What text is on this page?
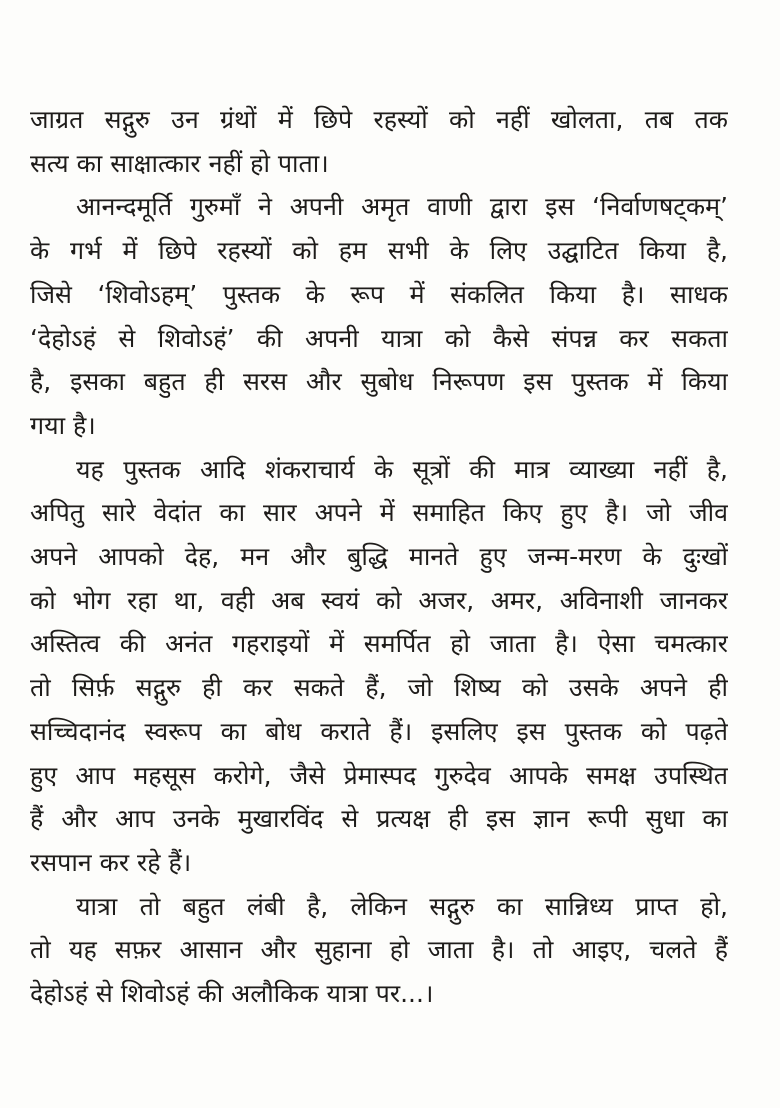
जाग्रत सद्गुरु उन ग्रंथों में छिपे रहस्यों को नहीं खोलता, तब तक
सत्य का साक्षात्कार नहीं हो पाता।
आनन्दमूर्ति गुरुमाँ ने अपनी अमृत वाणी द्वारा इस ‘निर्वाणषट्कम्’
के गर्भ में छिपे रहस्यों को हम सभी के लिए उद्घाटित किया है,
जिसे ‘शिवोऽहम्’ पुस्तक के रूप में संकलित किया है। साधक
‘देहोऽहं से शिवोऽहं’ की अपनी यात्रा को कैसे संपन्न कर सकता
है, इसका बहुत ही सरस और सुबोध निरूपण इस पुस्तक में किया
गया है।
यह पुस्तक आदि शंकराचार्य के सूत्रों की मात्र व्याख्या नहीं है,
अपितु सारे वेदांत का सार अपने में समाहित किए हुए है। जो जीव
अपने आपको देह, मन और बुद्धि मानते हुए जन्म-मरण के दुःखों
को भोग रहा था, वही अब स्वयं को अजर, अमर, अविनाशी जानकर
अस्तित्व की अनंत गहराइयों में समर्पित हो जाता है। ऐसा चमत्कार
तो सिर्फ़ सद्गुरु ही कर सकते हैं, जो शिष्य को उसके अपने ही
सच्चिदानंद स्वरूप का बोध कराते हैं। इसलिए इस पुस्तक को पढ़ते
हुए आप महसूस करोगे, जैसे प्रेमास्पद गुरुदेव आपके समक्ष उपस्थित
हैं और आप उनके मुखारविंद से प्रत्यक्ष ही इस ज्ञान रूपी सुधा का
रसपान कर रहे हैं।
यात्रा तो बहुत लंबी है, लेकिन सद्गुरु का सान्निध्य प्राप्त हो,
तो यह सफ़र आसान और सुहाना हो जाता है। तो आइए, चलते हैं
देहोऽहं से शिवोऽहं की अलौकिक यात्रा पर...।
